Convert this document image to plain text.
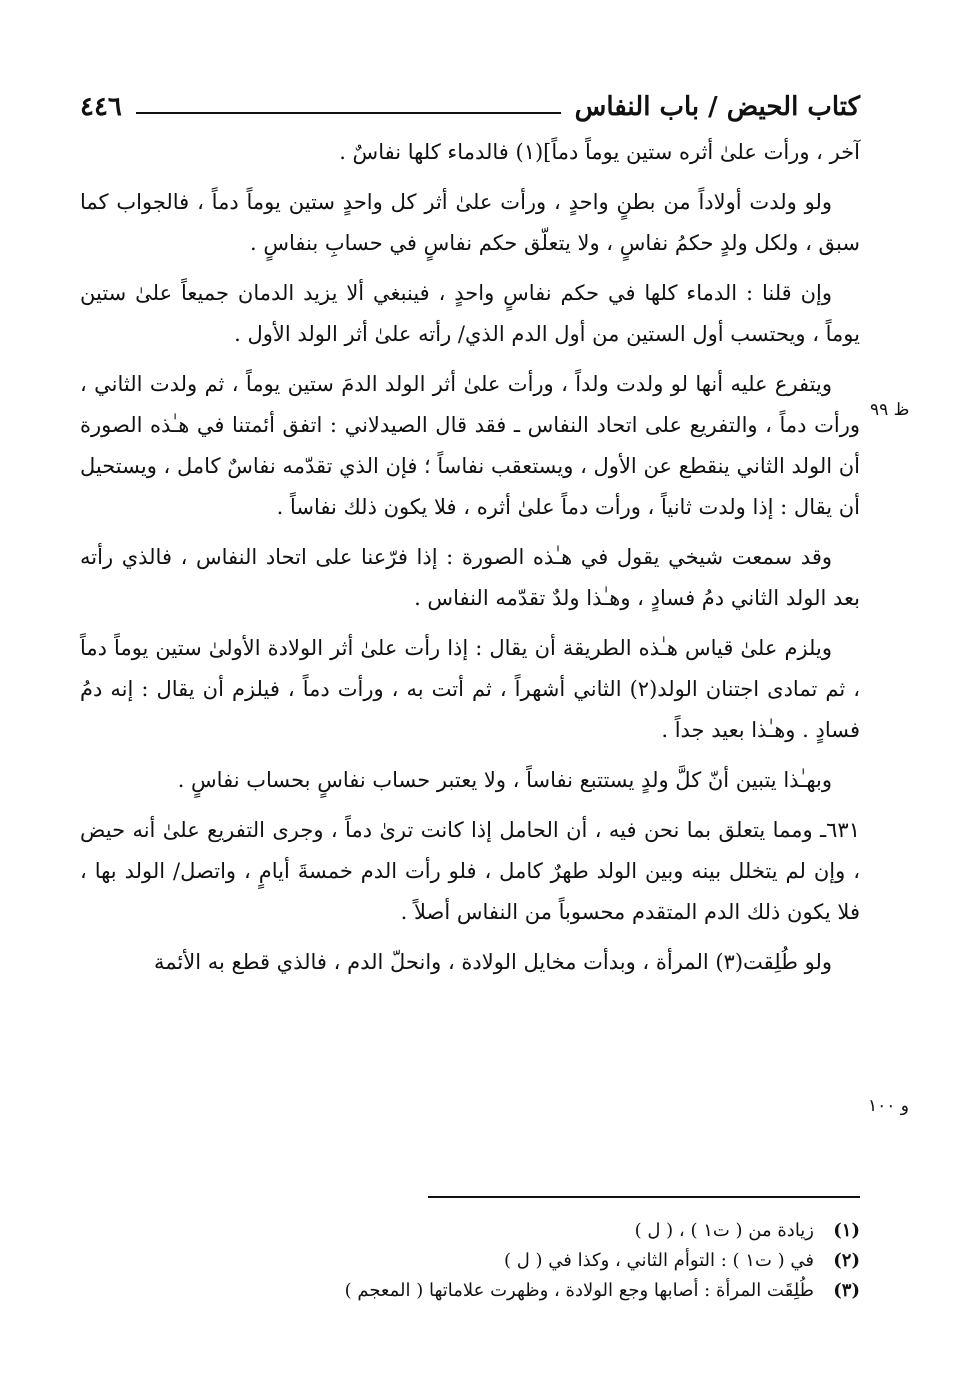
كتاب الحيض / باب النفاس
٤٤٦
ظ ٩٩
و ١٠٠

آخر ، ورأت علىٰ أثره ستين يوماً دماً](١) فالدماء كلها نفاسٌ .

ولو ولدت أولاداً من بطنٍ واحدٍ ، ورأت علىٰ أثر كل واحدٍ ستين يوماً دماً ، فالجواب كما سبق ، ولكل ولدٍ حكمُ نفاسٍ ، ولا يتعلّق حكم نفاسٍ في حسابِ بنفاسٍ .

وإن قلنا : الدماء كلها في حكم نفاسٍ واحدٍ ، فينبغي ألا يزيد الدمان جميعاً علىٰ ستين يوماً ، ويحتسب أول الستين من أول الدم الذي/ رأته علىٰ أثر الولد الأول .

ويتفرع عليه أنها لو ولدت ولداً ، ورأت علىٰ أثر الولد الدمَ ستين يوماً ، ثم ولدت الثاني ، ورأت دماً ، والتفريع على اتحاد النفاس ـ فقد قال الصيدلاني : اتفق أئمتنا في هـٰذه الصورة أن الولد الثاني ينقطع عن الأول ، ويستعقب نفاساً ؛ فإن الذي تقدّمه نفاسٌ كامل ، ويستحيل أن يقال : إذا ولدت ثانياً ، ورأت دماً علىٰ أثره ، فلا يكون ذلك نفاساً .

وقد سمعت شيخي يقول في هـٰذه الصورة : إذا فرّعنا على اتحاد النفاس ، فالذي رأته بعد الولد الثاني دمُ فسادٍ ، وهـٰذا ولدٌ تقدّمه النفاس .

ويلزم علىٰ قياس هـٰذه الطريقة أن يقال : إذا رأت علىٰ أثر الولادة الأولىٰ ستين يوماً دماً ، ثم تمادى اجتنان الولد(٢) الثاني أشهراً ، ثم أتت به ، ورأت دماً ، فيلزم أن يقال : إنه دمُ فسادٍ . وهـٰذا بعيد جداً .

وبهـٰذا يتبين أنّ كلَّ ولدٍ يستتبع نفاساً ، ولا يعتبر حساب نفاسٍ بحساب نفاسٍ .

٦٣١ـ ومما يتعلق بما نحن فيه ، أن الحامل إذا كانت ترىٰ دماً ، وجرى التفريع علىٰ أنه حيض ، وإن لم يتخلل بينه وبين الولد طهرٌ كامل ، فلو رأت الدم خمسةَ أيامٍ ، واتصل/ الولد بها ، فلا يكون ذلك الدم المتقدم محسوباً من النفاس أصلاً .

ولو طُلِقت(٣) المرأة ، وبدأت مخايل الولادة ، وانحلّ الدم ، فالذي قطع به الأئمة

(١)
زيادة من ( ت١ ) ، ( ل )
(٢)
في ( ت١ ) : التوأم الثاني ، وكذا في ( ل )
(٣)
طُلِقَت المرأة : أصابها وجع الولادة ، وظهرت علاماتها ( المعجم )
